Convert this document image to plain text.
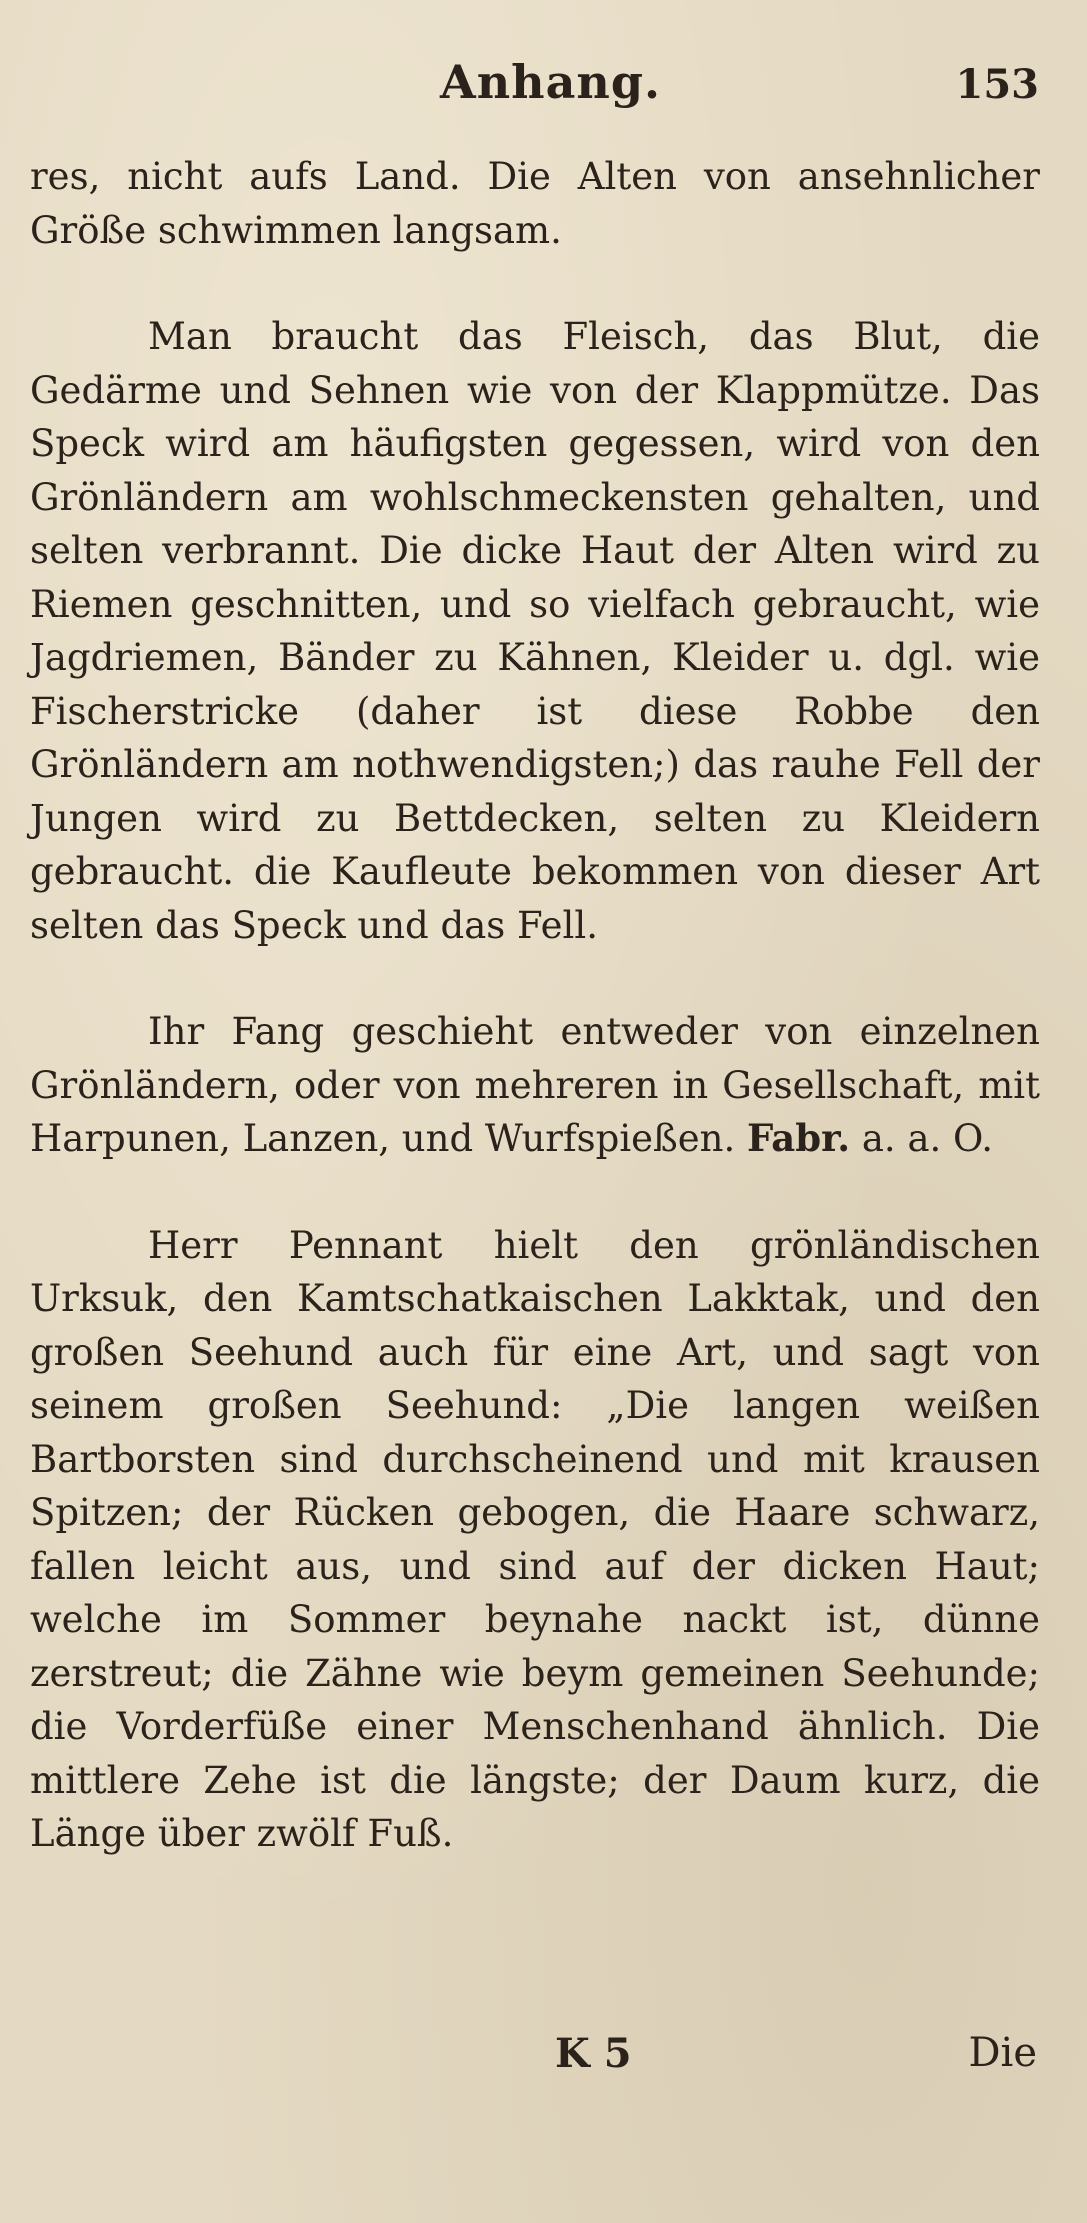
Anhang.	153

res, nicht aufs Land. Die Alten von ansehnlicher Größe schwimmen langsam.

Man braucht das Fleisch, das Blut, die Gedärme und Sehnen wie von der Klappmütze. Das Speck wird am häufigsten gegessen, wird von den Grönländern am wohlschmeckensten gehalten, und selten verbrannt. Die dicke Haut der Alten wird zu Riemen geschnitten, und so vielfach gebraucht, wie Jagdriemen, Bänder zu Kähnen, Kleider u. dgl. wie Fischerstricke (daher ist diese Robbe den Grönländern am nothwendigsten;) das rauhe Fell der Jungen wird zu Bettdecken, selten zu Kleidern gebraucht. die Kaufleute bekommen von dieser Art selten das Speck und das Fell.

Ihr Fang geschieht entweder von einzelnen Grönländern, oder von mehreren in Gesellschaft, mit Harpunen, Lanzen, und Wurfspießen. Fabr. a. a. O.

Herr Pennant hielt den grönländischen Urksuk, den Kamtschatkaischen Lakktak, und den großen Seehund auch für eine Art, und sagt von seinem großen Seehund: „Die langen weißen Bartborsten sind durchscheinend und mit krausen Spitzen; der Rücken gebogen, die Haare schwarz, fallen leicht aus, und sind auf der dicken Haut; welche im Sommer beynahe nackt ist, dünne zerstreut; die Zähne wie beym gemeinen Seehunde; die Vorderfüße einer Menschenhand ähnlich. Die mittlere Zehe ist die längste; der Daum kurz, die Länge über zwölf Fuß.

K 5	Die
